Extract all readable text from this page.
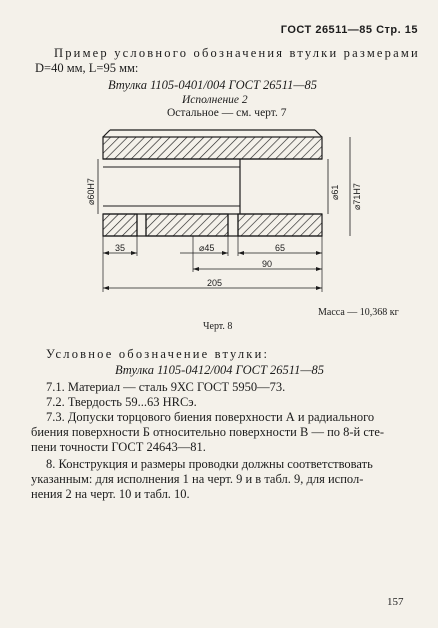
ГОСТ 26511—85 Стр. 15
Пример условного обозначения втулки размерами
D=40 мм, L=95 мм:
Втулка 1105-0401/004 ГОСТ 26511—85
Исполнение 2
Остальное — см. черт. 7
⌀60H7	⌀61 ⌀71H7
35	⌀45	65
90
205
Масса — 10,368 кг
Черт. 8
Условное обозначение втулки:
Втулка 1105-0412/004 ГОСТ 26511—85
7.1. Материал — сталь 9ХС ГОСТ 5950—73.
7.2. Твердость 59...63 HRCэ.
7.3. Допуски торцового биения поверхности А и радиального
биения поверхности Б относительно поверхности В — по 8-й сте-
пени точности ГОСТ 24643—81.
8. Конструкция и размеры проводки должны соответствовать
указанным: для исполнения 1 на черт. 9 и в табл. 9, для испол-
нения 2 на черт. 10 и табл. 10.
157
